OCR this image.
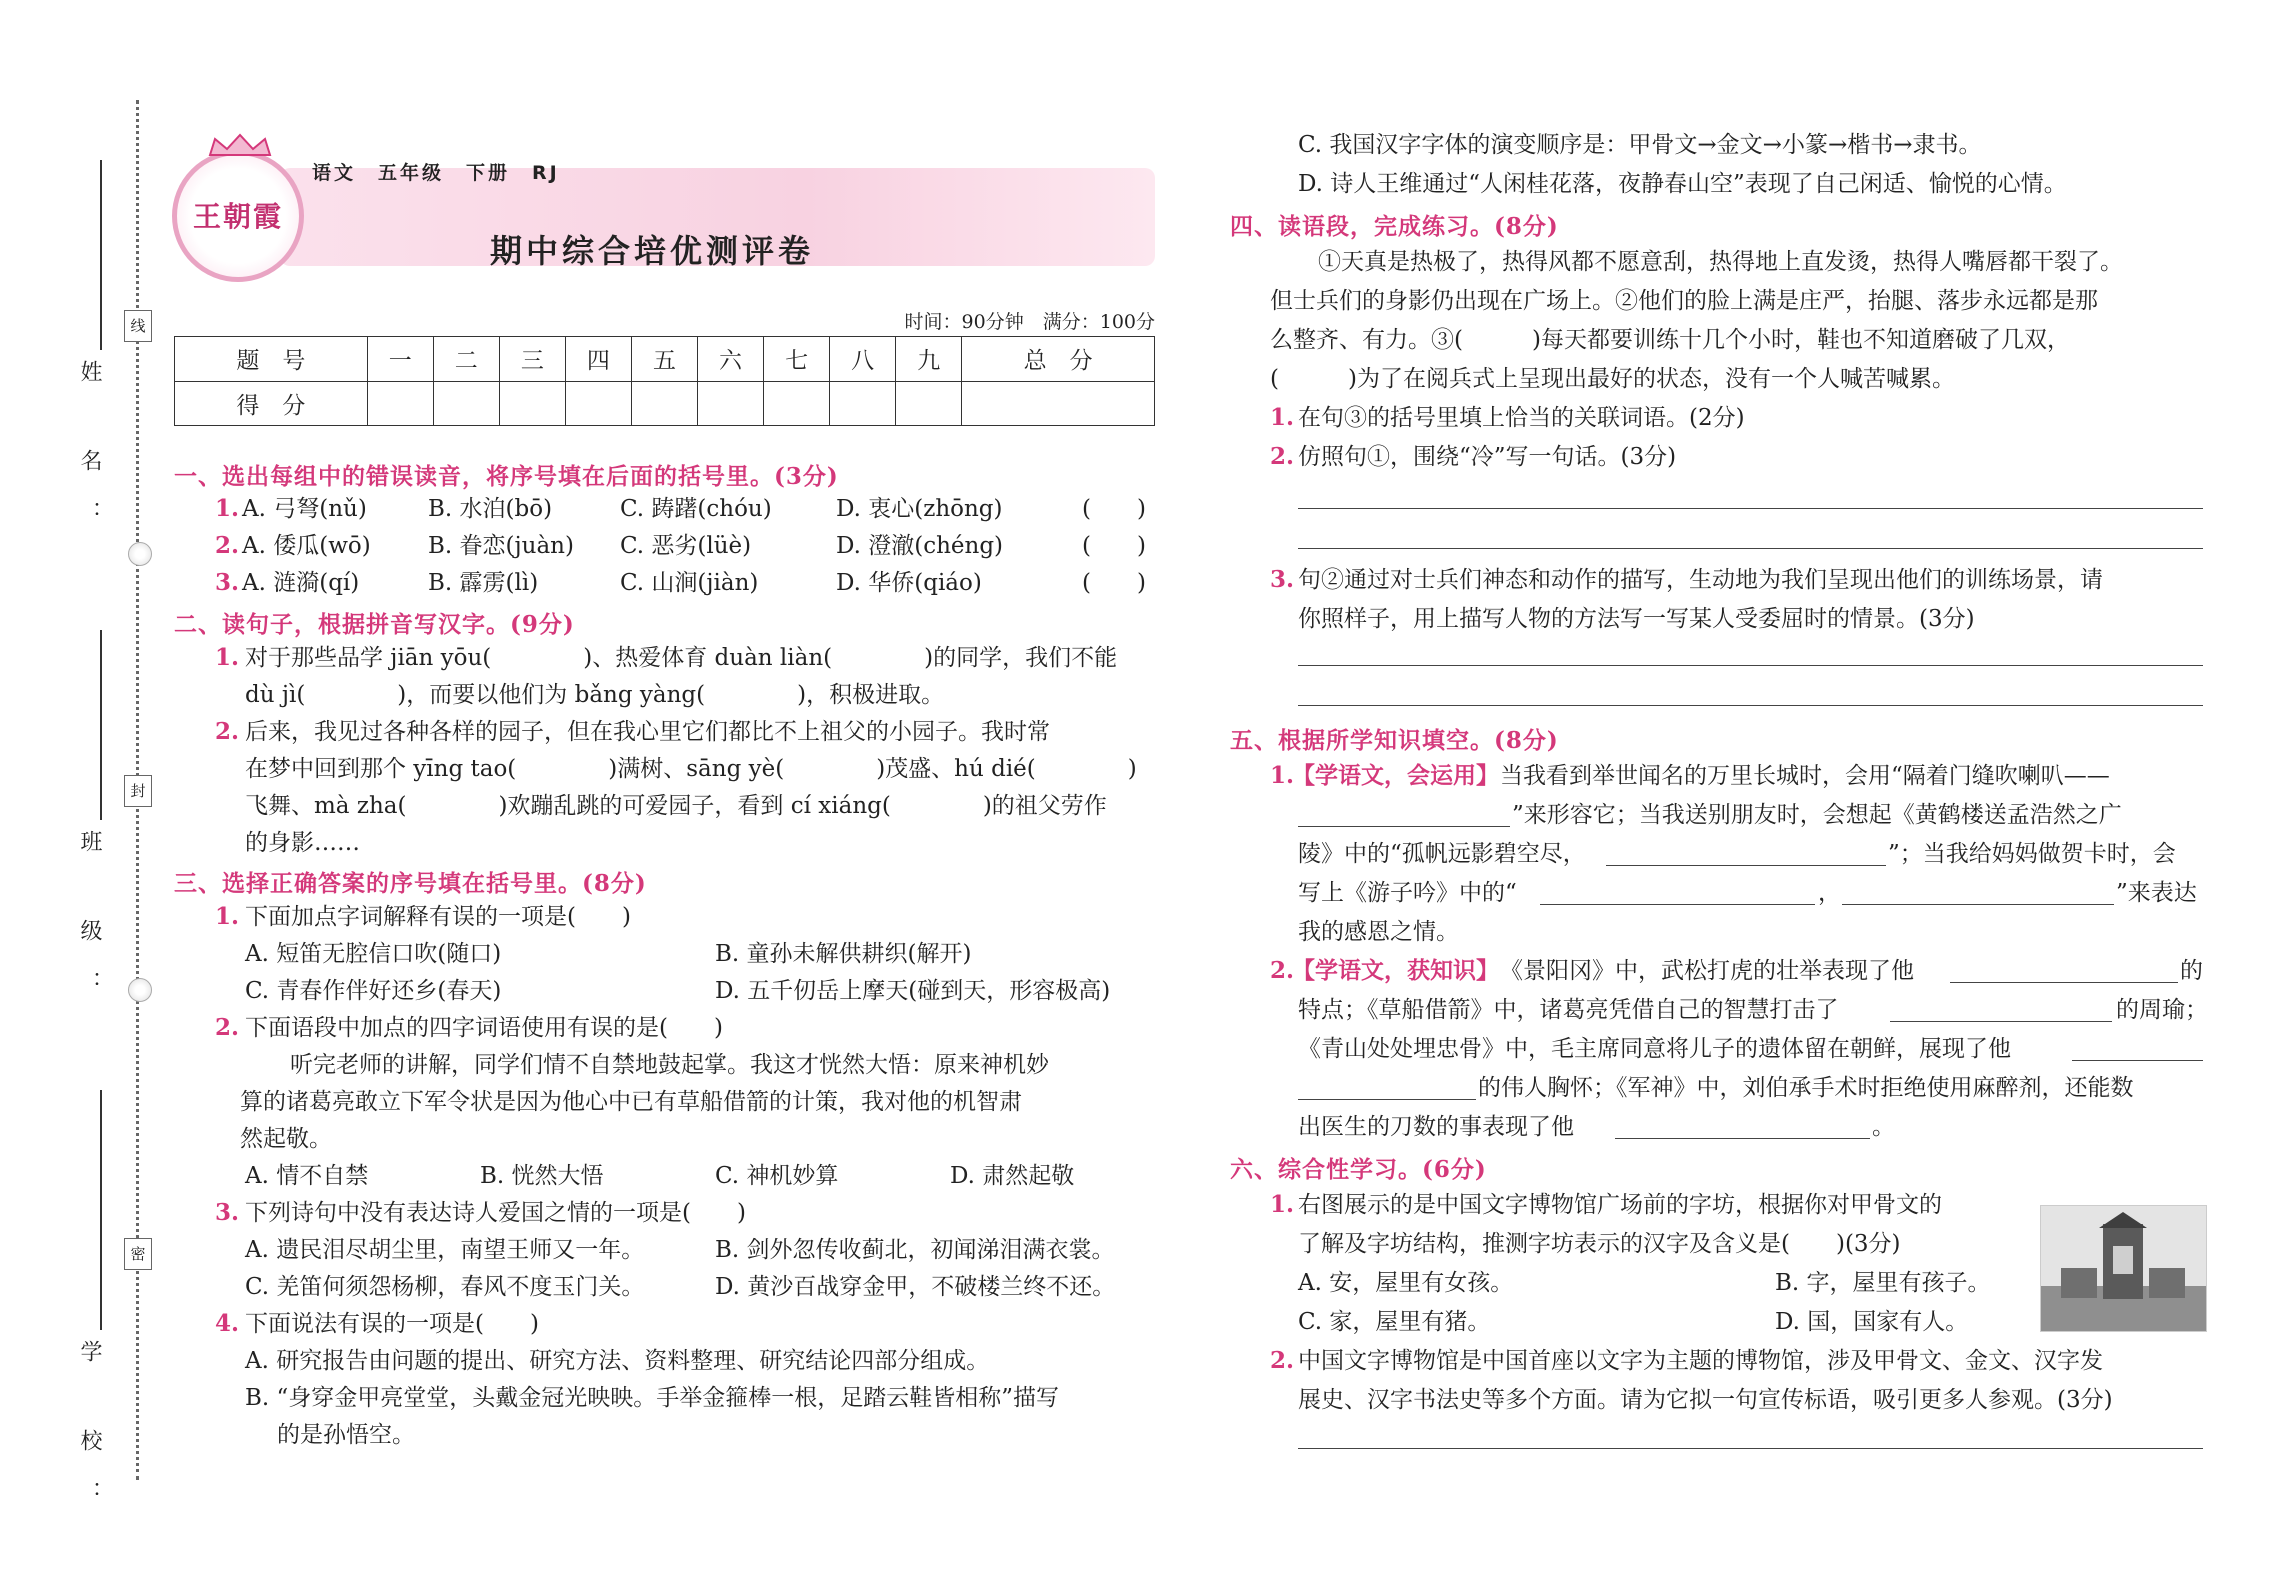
姓 名：
班 级：
学 校：
线
封
密
王朝霞
语文　五年级　下册　RJ
期中综合培优测评卷
时间：90分钟　满分：100分
题　号	一	二	三	四	五	六	七	八	九	总　分
得　分										
一、选出每组中的错误读音，将序号填在后面的括号里。(3分)
1. A. 弓弩(nǔ)	B. 水泊(bō)	C. 踌躇(chóu)	D. 衷心(zhōng)	(　　)
2. A. 倭瓜(wō) B. 眷恋(juàn) C. 恶劣(lüè)	D. 澄澈(chéng)	(　　)
3. A. 涟漪(qí)	B. 霹雳(lì)	C. 山涧(jiàn)	D. 华侨(qiáo)	(　　)
二、读句子，根据拼音写汉字。(9分)
1. 对于那些品学 jiān yōu(　　　　)、热爱体育 duàn liàn(　　　　)的同学，我们不能
dù jì(　　　　)，而要以他们为 bǎng yàng(　　　　)，积极进取。
2. 后来，我见过各种各样的园子，但在我心里它们都比不上祖父的小园子。我时常
在梦中回到那个 yīng tao(　　　　)满树、sāng yè(　　　　)茂盛、hú dié(　　　　)
飞舞、mà zha(　　　　)欢蹦乱跳的可爱园子，看到 cí xiáng(　　　　)的祖父劳作
的身影……
三、选择正确答案的序号填在括号里。(8分)
1. 下面加点字词解释有误的一项是(　　)
A. 短笛无腔信口吹(随口)	B. 童孙未解供耕织(解开)
C. 青春作伴好还乡(春天)	D. 五千仞岳上摩天(碰到天，形容极高)
2. 下面语段中加点的四字词语使用有误的是(　　)
听完老师的讲解，同学们情不自禁地鼓起掌。我这才恍然大悟：原来神机妙
算的诸葛亮敢立下军令状是因为他心中已有草船借箭的计策，我对他的机智肃
然起敬。
A. 情不自禁	B. 恍然大悟	C. 神机妙算	D. 肃然起敬
3. 下列诗句中没有表达诗人爱国之情的一项是(　　)
A. 遗民泪尽胡尘里，南望王师又一年。	B. 剑外忽传收蓟北，初闻涕泪满衣裳。
C. 羌笛何须怨杨柳，春风不度玉门关。	D. 黄沙百战穿金甲，不破楼兰终不还。
4. 下面说法有误的一项是(　　)
A. 研究报告由问题的提出、研究方法、资料整理、研究结论四部分组成。
B. “身穿金甲亮堂堂，头戴金冠光映映。手举金箍棒一根，足踏云鞋皆相称”描写
的是孙悟空。
C. 我国汉字字体的演变顺序是：甲骨文→金文→小篆→楷书→隶书。
D. 诗人王维通过“人闲桂花落，夜静春山空”表现了自己闲适、愉悦的心情。
四、读语段，完成练习。(8分)
①天真是热极了，热得风都不愿意刮，热得地上直发烫，热得人嘴唇都干裂了。
但士兵们的身影仍出现在广场上。②他们的脸上满是庄严，抬腿、落步永远都是那
么整齐、有力。③(　　　)每天都要训练十几个小时，鞋也不知道磨破了几双，
(　　　)为了在阅兵式上呈现出最好的状态，没有一个人喊苦喊累。
1. 在句③的括号里填上恰当的关联词语。(2分)
2. 仿照句①，围绕“冷”写一句话。(3分)
3. 句②通过对士兵们神态和动作的描写，生动地为我们呈现出他们的训练场景，请
你照样子，用上描写人物的方法写一写某人受委屈时的情景。(3分)
五、根据所学知识填空。(8分)
1.
【学语文，会运用】 当我看到举世闻名的万里长城时，会用“隔着门缝吹喇叭——
”来形容它；当我送别朋友时，会想起《黄鹤楼送孟浩然之广
陵》中的“孤帆远影碧空尽，	”；当我给妈妈做贺卡时，会
写上《游子吟》中的“	，	”来表达
我的感恩之情。
2.
【学语文，获知识】 《景阳冈》中，武松打虎的壮举表现了他	的
特点；《草船借箭》中，诸葛亮凭借自己的智慧打击了	的周瑜；
《青山处处埋忠骨》中，毛主席同意将儿子的遗体留在朝鲜，展现了他
的伟人胸怀；《军神》中，刘伯承手术时拒绝使用麻醉剂，还能数
出医生的刀数的事表现了他	。
六、综合性学习。(6分)
1. 右图展示的是中国文字博物馆广场前的字坊，根据你对甲骨文的
了解及字坊结构，推测字坊表示的汉字及含义是(　　)(3分)
A. 安，屋里有女孩。	B. 字，屋里有孩子。
C. 家，屋里有猪。	D. 国，国家有人。
2. 中国文字博物馆是中国首座以文字为主题的博物馆，涉及甲骨文、金文、汉字发
展史、汉字书法史等多个方面。请为它拟一句宣传标语，吸引更多人参观。(3分)
